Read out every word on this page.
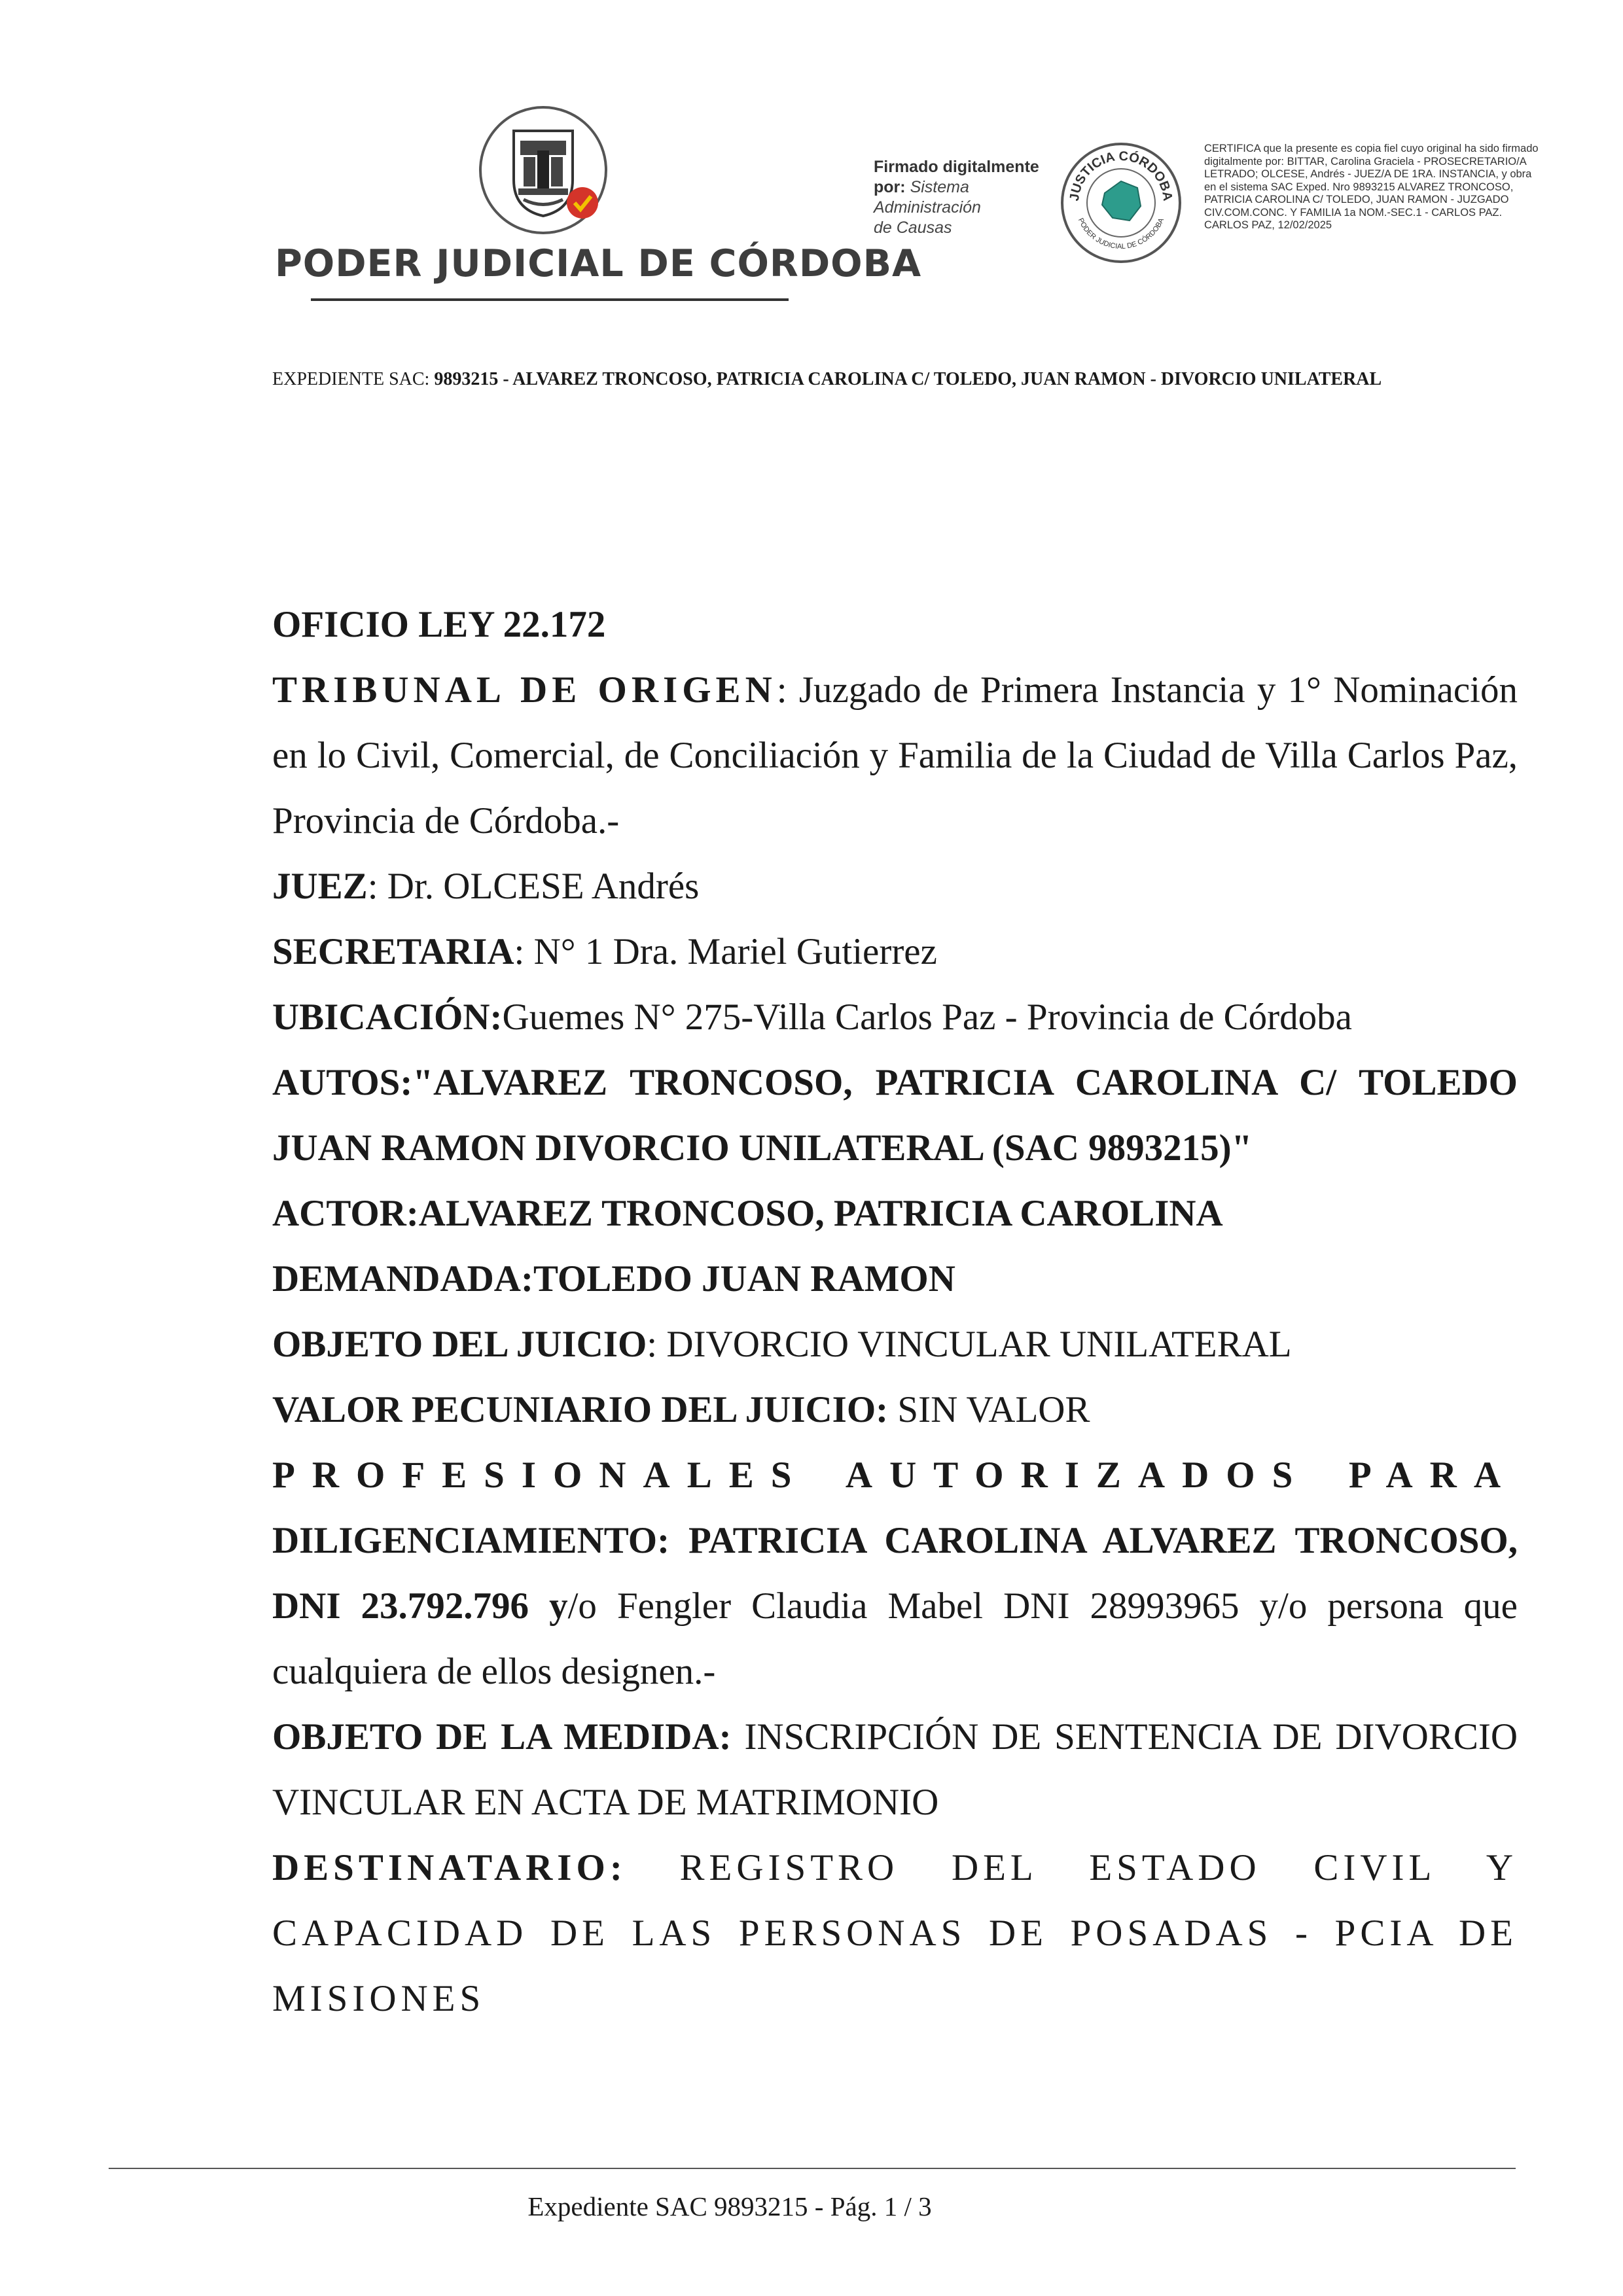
PODER JUDICIAL DE CÓRDOBA
Firmado digitalmente
por: Sistema
Administración
de Causas
JUSTICIA CÓRDOBA
PODER JUDICIAL DE CÓRDOBA
CERTIFICA que la presente es copia fiel cuyo original ha sido firmado digitalmente por: BITTAR, Carolina Graciela - PROSECRETARIO/A LETRADO; OLCESE, Andrés - JUEZ/A DE 1RA. INSTANCIA, y obra en el sistema SAC Exped. Nro 9893215 ALVAREZ TRONCOSO, PATRICIA CAROLINA C/ TOLEDO, JUAN RAMON - JUZGADO CIV.COM.CONC. Y FAMILIA 1a NOM.-SEC.1 - CARLOS PAZ. CARLOS PAZ, 12/02/2025
EXPEDIENTE SAC: 9893215 - ALVAREZ TRONCOSO, PATRICIA CAROLINA C/ TOLEDO, JUAN RAMON - DIVORCIO UNILATERAL

OFICIO LEY 22.172

TRIBUNAL DE ORIGEN: Juzgado de Primera Instancia y 1° Nominación en lo Civil, Comercial, de Conciliación y Familia de la Ciudad de Villa Carlos Paz, Provincia de Córdoba.-

JUEZ: Dr. OLCESE Andrés

SECRETARIA: N° 1 Dra. Mariel Gutierrez

UBICACIÓN:Guemes N° 275-Villa Carlos Paz - Provincia de Córdoba

AUTOS:"ALVAREZ TRONCOSO, PATRICIA CAROLINA C/ TOLEDO JUAN RAMON DIVORCIO UNILATERAL (SAC 9893215)"

ACTOR:ALVAREZ TRONCOSO, PATRICIA CAROLINA

DEMANDADA:TOLEDO JUAN RAMON

OBJETO DEL JUICIO: DIVORCIO VINCULAR UNILATERAL

VALOR PECUNIARIO DEL JUICIO: SIN VALOR

PROFESIONALES AUTORIZADOS PARA

DILIGENCIAMIENTO: PATRICIA CAROLINA ALVAREZ TRONCOSO, DNI 23.792.796 y/o Fengler Claudia Mabel DNI 28993965 y/o persona que cualquiera de ellos designen.-

OBJETO DE LA MEDIDA: INSCRIPCIÓN DE SENTENCIA DE DIVORCIO VINCULAR EN ACTA DE MATRIMONIO

DESTINATARIO: REGISTRO DEL ESTADO CIVIL Y CAPACIDAD DE LAS PERSONAS DE POSADAS - PCIA DE MISIONES

Expediente SAC 9893215 - Pág. 1 / 3
